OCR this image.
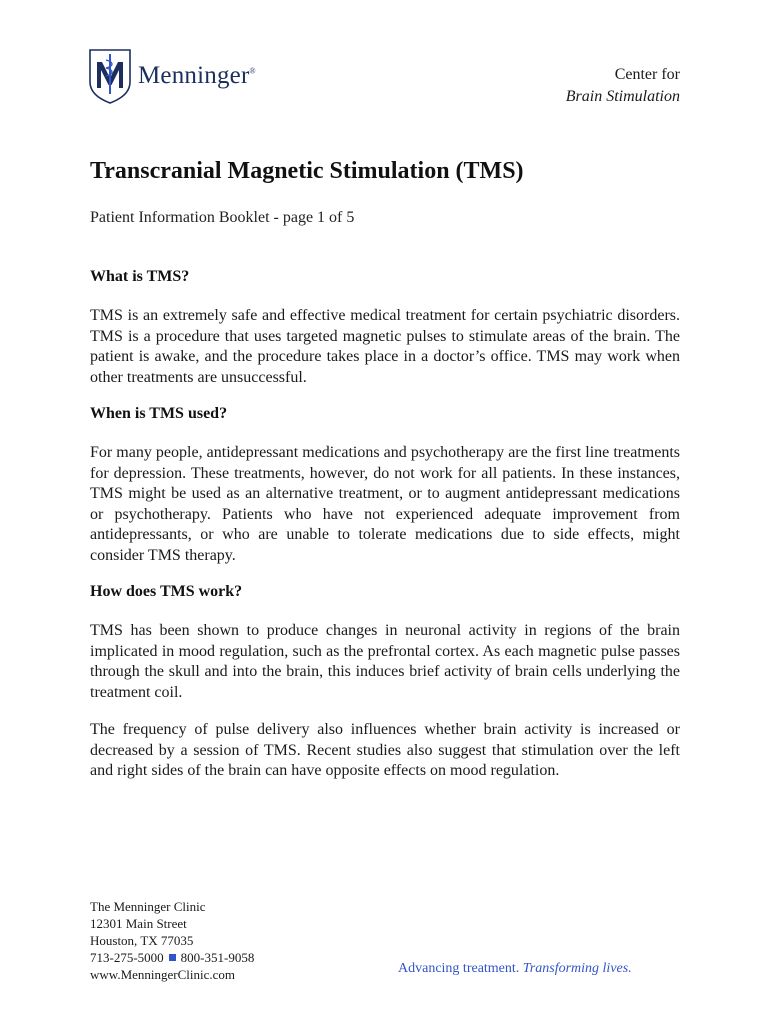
Menninger®	Center for
Brain Stimulation
Transcranial Magnetic Stimulation (TMS)
Patient Information Booklet - page 1 of 5
What is TMS?

TMS is an extremely safe and effective medical treatment for certain psychiatric disorders. TMS is a procedure that uses targeted magnetic pulses to stimulate areas of the brain. The patient is awake, and the procedure takes place in a doctor’s office. TMS may work when other treatments are unsuccessful.

When is TMS used?

For many people, antidepressant medications and psychotherapy are the first line treatments for depression. These treatments, however, do not work for all patients. In these instances, TMS might be used as an alternative treatment, or to augment antidepressant medications or psychotherapy. Patients who have not experienced adequate improvement from antidepressants, or who are unable to tolerate medications due to side effects, might consider TMS therapy.

How does TMS work?

TMS has been shown to produce changes in neuronal activity in regions of the brain implicated in mood regulation, such as the prefrontal cortex. As each magnetic pulse passes through the skull and into the brain, this induces brief activity of brain cells underlying the treatment coil.

The frequency of pulse delivery also influences whether brain activity is increased or decreased by a session of TMS. Recent studies also suggest that stimulation over the left and right sides of the brain can have opposite effects on mood regulation.

The Menninger Clinic
12301 Main Street
Houston, TX 77035
713-275-5000 800-351-9058
www.MenningerClinic.com	Advancing treatment. Transforming lives.
